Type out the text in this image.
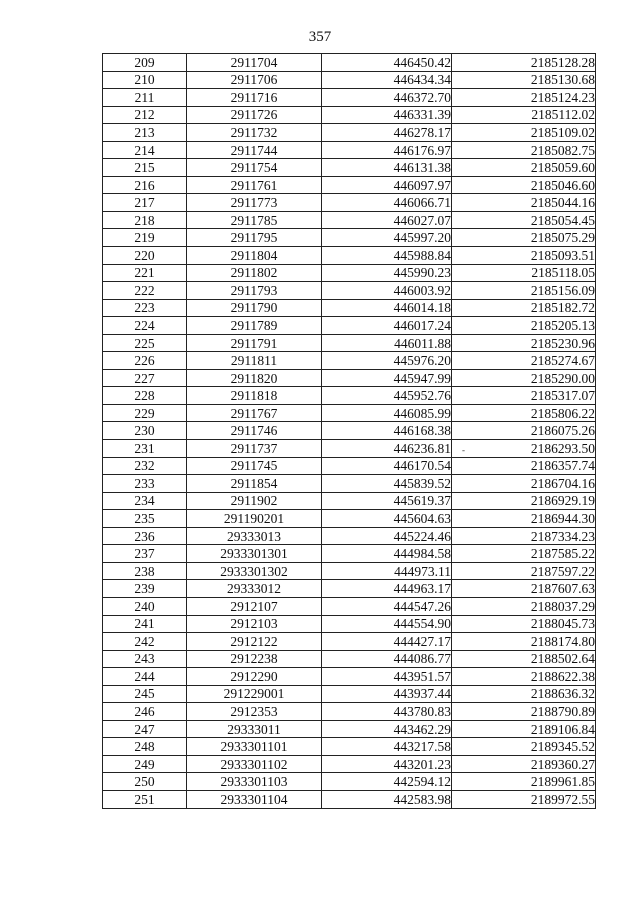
357
209	2911704	446450.42	2185128.28
210	2911706	446434.34	2185130.68
211	2911716	446372.70	2185124.23
212	2911726	446331.39	2185112.02
213	2911732	446278.17	2185109.02
214	2911744	446176.97	2185082.75
215	2911754	446131.38	2185059.60
216	2911761	446097.97	2185046.60
217	2911773	446066.71	2185044.16
218	2911785	446027.07	2185054.45
219	2911795	445997.20	2185075.29
220	2911804	445988.84	2185093.51
221	2911802	445990.23	2185118.05
222	2911793	446003.92	2185156.09
223	2911790	446014.18	2185182.72
224	2911789	446017.24	2185205.13
225	2911791	446011.88	2185230.96
226	2911811	445976.20	2185274.67
227	2911820	445947.99	2185290.00
228	2911818	445952.76	2185317.07
229	2911767	446085.99	2185806.22
230	2911746	446168.38	2186075.26
231	2911737	446236.81	2186293.50
-

232	2911745	446170.54	2186357.74
233	2911854	445839.52	2186704.16
234	2911902	445619.37	2186929.19
235	291190201	445604.63	2186944.30
236	29333013	445224.46	2187334.23
237	2933301301	444984.58	2187585.22
238	2933301302	444973.11	2187597.22
239	29333012	444963.17	2187607.63
240	2912107	444547.26	2188037.29
241	2912103	444554.90	2188045.73
242	2912122	444427.17	2188174.80
243	2912238	444086.77	2188502.64
244	2912290	443951.57	2188622.38
245	291229001	443937.44	2188636.32
246	2912353	443780.83	2188790.89
247	29333011	443462.29	2189106.84
248	2933301101	443217.58	2189345.52
249	2933301102	443201.23	2189360.27
250	2933301103	442594.12	2189961.85
251	2933301104	442583.98	2189972.55
